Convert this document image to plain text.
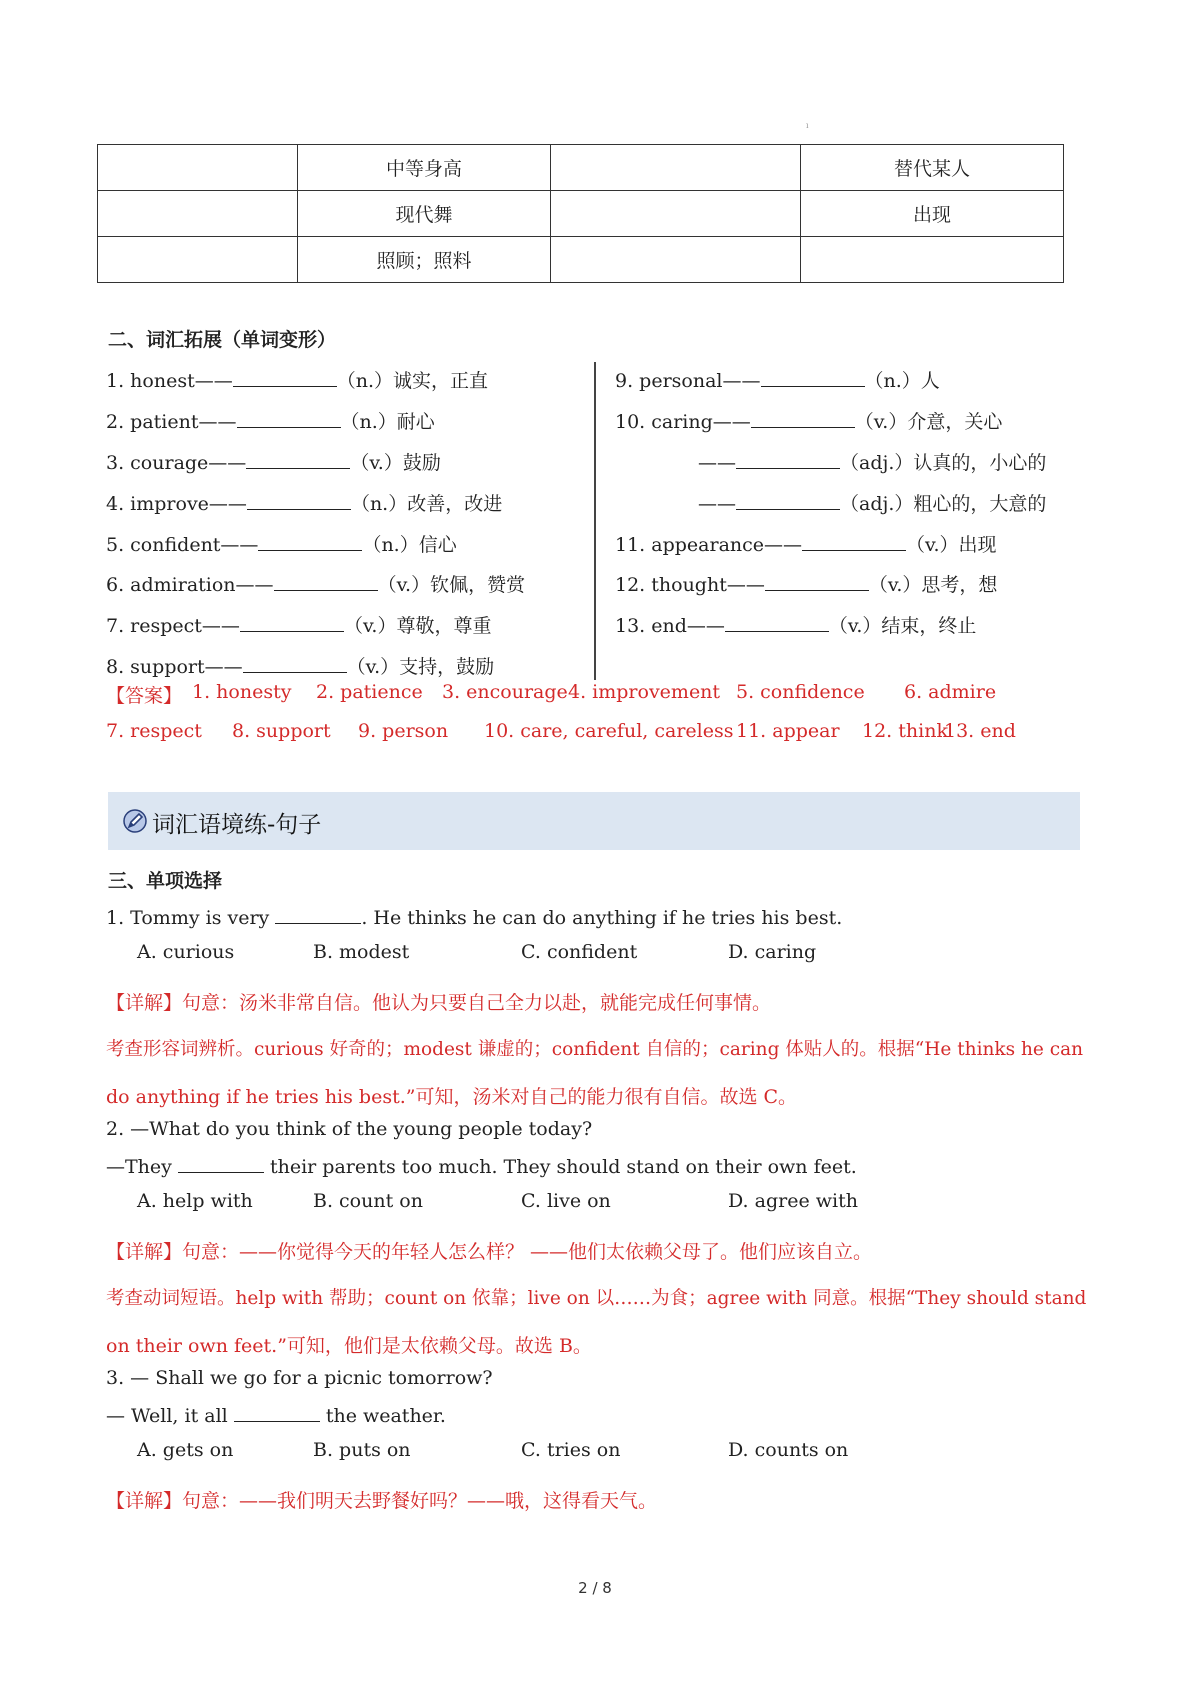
ı
	中等身高		替代某人
	现代舞		出现
	照顾；照料		
二、词汇拓展（单词变形）
1. honest——	（n.）诚实，正直
2. patient——	（n.）耐心
3. courage——	（v.）鼓励
4. improve——	（n.）改善，改进
5. confident——	（n.）信心
6. admiration——	（v.）钦佩，赞赏
7. respect——	（v.）尊敬，尊重
8. support——	（v.）支持，鼓励
9. personal——	（n.）人
10. caring——	（v.）介意，关心
——	（adj.）认真的，小心的
——	（adj.）粗心的，大意的
11. appearance——	（v.）出现
12. thought——	（v.）思考，想
13. end——	（v.）结束，终止
【答案】 1. honesty 2. patience 3. encourage 4. improvement 5. confidence 6. admire
7. respect 8. support 9. person 10. care, careful, careless 11. appear 12. think
13. end
词汇语境练-句子
三、单项选择
1. Tommy is very	. He thinks he can do anything if he tries his best.
A. curious	B. modest	C. confident	D. caring
【详解】句意：汤米非常自信。他认为只要自己全力以赴，就能完成任何事情。
考查形容词辨析。curious 好奇的；modest 谦虚的；confident 自信的；caring 体贴人的。根据“He thinks he can
do anything if he tries his best.”可知，汤米对自己的能力很有自信。故选 C。
2. —What do you think of the young people today?
—They	their parents too much. They should stand on their own feet.
A. help with	B. count on	C. live on	D. agree with
【详解】句意：——你觉得今天的年轻人怎么样？ ——他们太依赖父母了。他们应该自立。
考查动词短语。help with 帮助；count on 依靠；live on 以……为食；agree with 同意。根据“They should stand
on their own feet.”可知，他们是太依赖父母。故选 B。
3. — Shall we go for a picnic tomorrow?
— Well, it all	the weather.
A. gets on	B. puts on	C. tries on	D. counts on
【详解】句意：——我们明天去野餐好吗？——哦，这得看天气。
2 / 8
